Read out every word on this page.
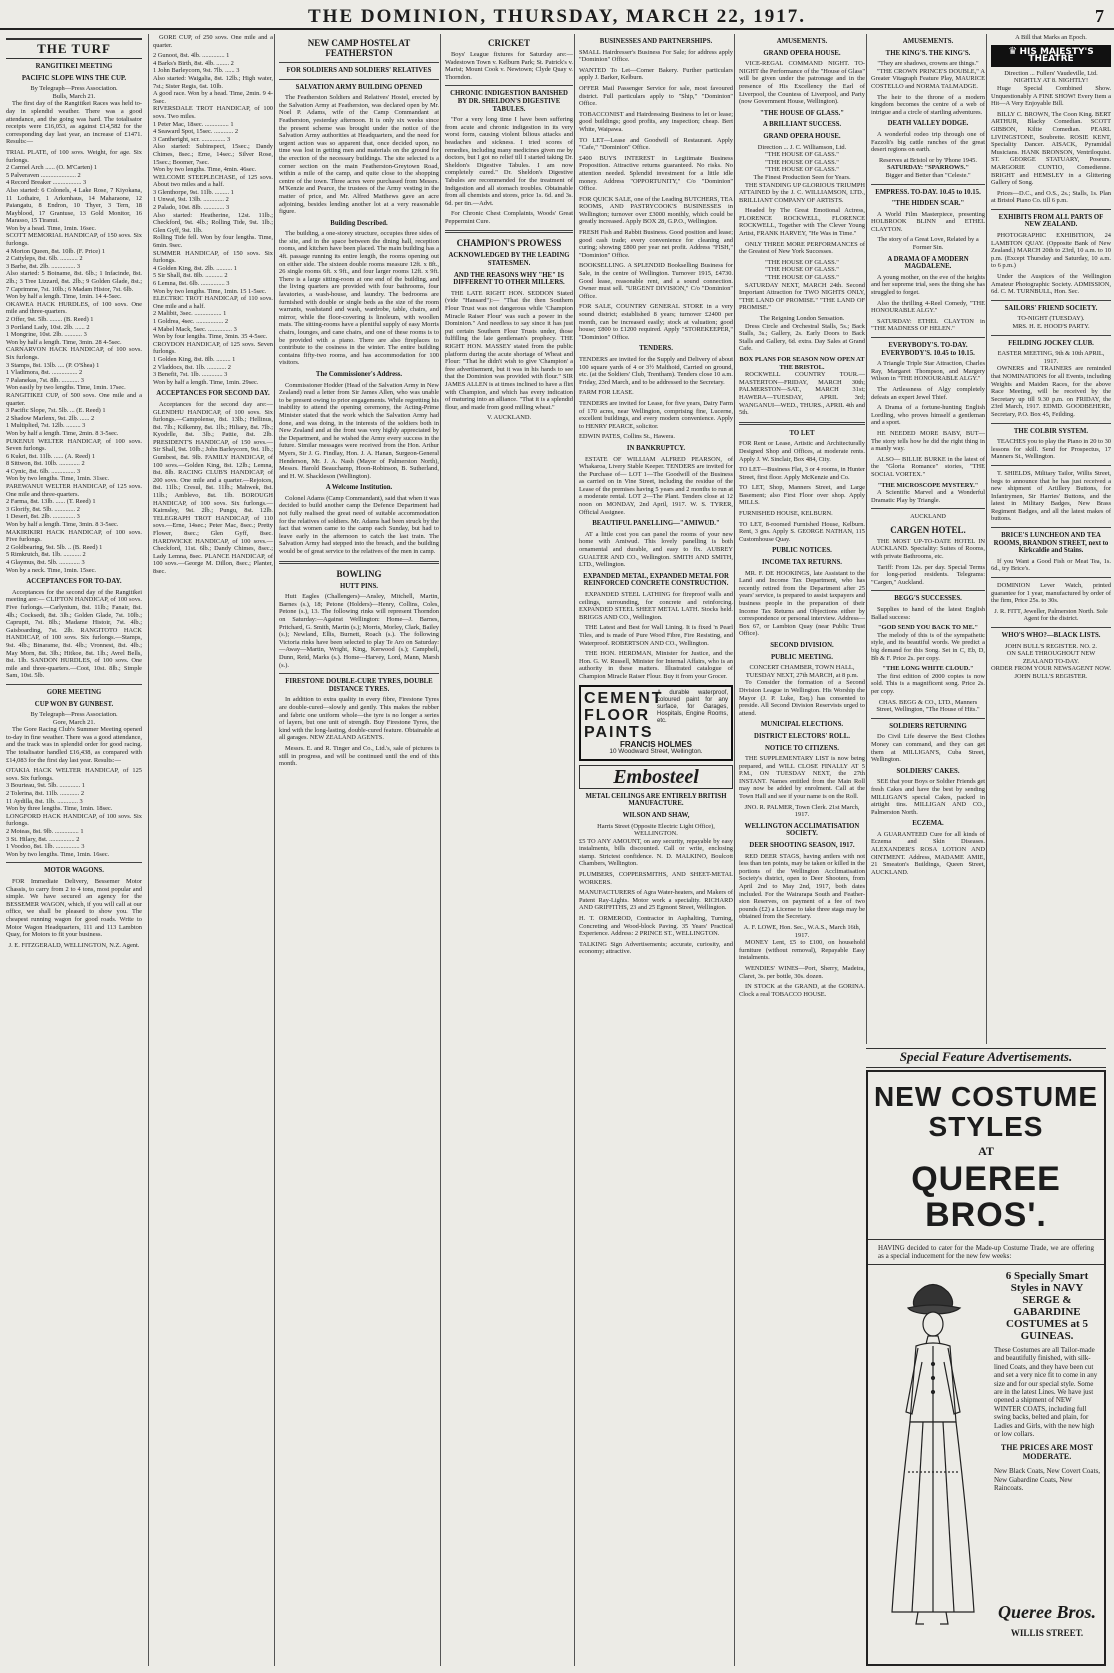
THE DOMINION, THURSDAY, MARCH 22, 1917.	7
THE TURF
RANGITIKEI MEETING
PACIFIC SLOPE WINS THE CUP.
By Telegraph—Press Association.
Bulls, March 21.

The first day of the Rangitikei Races was held to-day in splendid weather. There was a good attendance, and the going was hard. The totalisator receipts were £16,053, as against £14,582 for the corresponding day last year, an increase of £1471. Results:—

TRIAL PLATE, of 100 sovs. Weight, for age. Six furlongs.
2 Carmel Arch ...... (O. M'Carten) 1
5 Palveraven ...................... 2
4 Record Breaker .................. 3
Also started: 6 Colonels, 4 Lake Rose, 7 Kiyokana, 11 Lothaire, 1 Arkenhaus, 14 Maharaone, 12 Paiangatu, 8 Endron, 10 Thyer, 3 Tern, 18 Mayblood, 17 Grantuse, 13 Gold Monitor, 16 Marasso, 15 Tiranui.
Won by a head. Time, 1min. 16sec.
SCOTT MEMORIAL HANDICAP, of 150 sovs. Six furlongs.
4 Morton Queen, 8st. 10lb. (F. Price) 1
2 Cattyleps, 8st. 6lb. ........... 2
3 Barhe, 8st. 2lb. ............... 3
Also started: 5 Boiname, 8st. 6lb.; 1 Infacinde, 8st. 2lb.; 3 Tree Lizzard, 8st. 2lb.; 9 Golden Glade, 8st.; 7 Caprimme, 7st. 10lb.; 6 Madam Histor, 7st. 6lb.
Won by half a length. Time, 1min. 14 4-5sec.
OKAWEA HACK HURDLES, of 100 sovs. One mile and three-quarters.
2 Offer, 9st. 5lb. ........ (B. Reed) 1
3 Portland Lady, 10st. 2lb. ...... 2
1 Mongrine, 10st. 2lb. ........... 3
Won by half a length. Time, 3min. 28 4-5sec.
CARNARVON HACK HANDICAP, of 100 sovs. Six furlongs.
3 Stamps, 8st. 13lb. .... (P. O'Shea) 1
1 Vladimora, 8st. ................ 2
7 Palanekas, 7st. 8lb. ........... 3
Won easily by two lengths. Time, 1min. 17sec.
RANGITIKEI CUP, of 500 sovs. One mile and a quarter.
3 Pacific Slope, 7st. 5lb. ... (E. Reed) 1
2 Shadow Marlenx, 9st. 2lb. ...... 2
1 Multiplied, 7st. 12lb. ......... 3
Won by half a length. Time, 2min. 8 3-5sec.
PUKENUI WELTER HANDICAP, of 100 sovs. Seven furlongs.
6 Kukri, 8st. 11lb. ...... (A. Reed) 1
8 Sittwon, 8st. 10lb. ............. 2
4 Cynic, 8st. 6lb. ............... 3
Won by two lengths. Time, 1min. 31sec.
PAREWANUI WELTER HANDICAP, of 125 sovs. One mile and three-quarters.
2 Farma, 8st. 13lb. ...... (T. Reed) 1
3 Glorify, 8st. 5lb. ............. 2
1 Desert, 8st. 2lb. .............. 3
Won by half a length. Time, 3min. 8 3-5sec.
MAKIRIKIRI HACK HANDICAP, of 100 sovs. Five furlongs.
2 Goldbearing, 9st. 5lb. .. (B. Reed) 1
5 Rimkrutch, 8st. 1lb. ........... 2
4 Glaymus, 8st. 5lb. ............. 3
Won by a neck. Time, 1min. 15sec.
ACCEPTANCES FOR TO-DAY.

Acceptances for the second day of the Rangitikei meeting are:— CLIFTON HANDICAP, of 100 sovs. Five furlongs.—Carlynium, 8st. 11lb.; Fanair, 8st. 4lb.; Cocksedi, 8st. 3lb.; Golden Glade, 7st. 10lb.; Capruptt, 7st. 8lb.; Madame Histoir, 7st. 4lb.; Gaisboarding, 7st. 2lb. RANGITOTO HACK HANDICAP, of 100 sovs. Six furlongs.—Stamps, 9st. 4lb.; Binarame, 8st. 4lb.; Vronnest, 8st. 4lb.; May Morn, 8st. 3lb.; Hitkoe, 8st. 1lb.; Avrel Bells, 8st. 1lb. SANDON HURDLES, of 100 sovs. One mile and three-quarters.—Coot, 10st. 8lb.; Simple Sam, 10st. 5lb.

GORE MEETING
CUP WON BY GUNBEST.
By Telegraph—Press Association.
Gore, March 21.

The Gore Racing Club's Summer Meeting opened to-day in fine weather. There was a good attendance, and the track was in splendid order for good racing. The totalisator handled £16,438, as compared with £14,083 for the first day last year. Results:—

OTAKIA HACK WELTER HANDICAP, of 125 sovs. Six furlongs.
3 Bourteau, 9st. 5lb. ............. 1
2 Tolerina, 8st. 11lb. ............ 2
11 Aydilla, 8st. 1lb. ............. 3
Won by three lengths. Time, 1min. 18sec.
LONGFORD HACK HANDICAP, of 100 sovs. Six furlongs.
2 Moteas, 8st. 9lb. ............... 1
3 St. Hilary, 8st. ................ 2
1 Voodoo, 8st. 1lb. ............... 3
Won by two lengths. Time, 1min. 16sec.
MOTOR WAGONS.

FOR Immediate Delivery, Bessemer Motor Chassis, to carry from 2 to 4 tons, most popular and simple. We have secured an agency for the BESSEMER WAGON, which, if you will call at our office, we shall be pleased to show you. The cheapest running wagon for good roads. Write to Motor Wagon Headquarters, 111 and 113 Lambton Quay, for Motors to fit your business.

J. E. FITZGERALD, WELLINGTON, N.Z. Agent.

GORE CUP, of 250 sovs. One mile and a quarter.

2 Gunoot, 8st. 4lb. .............. 1
4 Barks's Birth, 8st. 4lb. ........ 2
1 John Barleycorn, 9st. 7lb. ...... 3
Also started: Waigalia, 8st. 12lb.; High water, 7st.; Sister Regis, 6st. 10lb.
A good race. Won by a head. Time, 2min. 9 4-5sec.
RIVERSDALE TROT HANDICAP, of 100 sovs. Two miles.
1 Peter Mac, 18sec. ............... 1
4 Seaward Spot, 15sec. ............ 2
3 Cantheright, scr. ............... 3
Also started: Subinspect, 15sec.; Dandy Chimes, 8sec.; Erne, 14sec.; Silver Rose, 15sec.; Boomer, 7sec.
Won by two lengths. Time, 4min. 46sec.
WELCOME STEEPLECHASE, of 125 sovs. About two miles and a half.
3 Glenthorpe, 9st. 11lb. ......... 1
1 Unwai, 9st. 13lb. ............. 2
2 Palado, 10st. 8lb. ............. 3
Also started: Heatherine, 12st. 11lb.; Checkford, 9st. 4lb.; Rolling Tide, 9st. 1lb.; Glen Gyff, 9st. 1lb.
Rolling Tide fell. Won by four lengths. Time, 6min. 9sec.
SUMMER HANDICAP, of 150 sovs. Six furlongs.
4 Golden King, 8st. 2lb. .......... 1
5 Sir Shall, 8st. 8lb. ........... 2
6 Lemna, 8st. 6lb. ............... 3
Won by two lengths. Time, 1min. 15 1-5sec.
ELECTRIC TROT HANDICAP, of 110 sovs. One mile and a half.
2 Malibit, 3sec. ................. 1
1 Goldrea, 4sec. ................. 2
4 Mabel Mack, 5sec. ............... 3
Won by four lengths. Time, 3min. 35 4-5sec.
CROYDON HANDICAP, of 125 sovs. Seven furlongs.
1 Golden King, 8st. 8lb. ......... 1
2 Vladdocs, 8st. 1lb. ............ 2
3 Benefit, 7st. 1lb. ............. 3
Won by half a length. Time, 1min. 29sec.
ACCEPTANCES FOR SECOND DAY.

Acceptances for the second day are:— GLENDHU HANDICAP, of 100 sovs. Six furlongs.—Campolense, 8st. 13lb.; Hellinus, 8st. 7lb.; Kilkenny, 8st. 1lb.; Hiliary, 8st. 7lb.; Kyodrlle, 8st. 3lb.; Pattie, 8st. 2lb. PRESIDENT'S HANDICAP, of 150 sovs.—Sir Shall, 9st. 10lb.; John Barleycorn, 9st. 1lb.; Gumbest, 8st. 9lb. FAMILY HANDICAP, of 100 sovs.—Golden King, 8st. 12lb.; Lemna, 8st. 8lb. RACING CLUB'S HANDICAP, of 200 sovs. One mile and a quarter.—Rejoices, 8st. 11lb.; Cresul, 8st. 11lb.; Mahwek, 8st. 11lb.; Amblevo, 8st. 1lb. BOROUGH HANDICAP, of 100 sovs. Six furlongs.—Kairnsley, 9st. 2lb.; Pungu, 8st. 12lb. TELEGRAPH TROT HANDICAP, of 110 sovs.—Erne, 14sec.; Peter Mac, 8sec.; Pretty Flower, 8sec.; Glen Gyff, 8sec. HARDWICKE HANDICAP, of 100 sovs.—Checkford, 11st. 6lb.; Dandy Chimes, 8sec.; Lady Lemna, 8sec. PLANCE HANDICAP, of 100 sovs.—George M. Dillon, 8sec.; Planter, 8sec.

NEW CAMP HOSTEL AT FEATHERSTON
FOR SOLDIERS AND SOLDIERS' RELATIVES
SALVATION ARMY BUILDING OPENED

The Featherston Soldiers and Relatives' Hostel, erected by the Salvation Army at Featherston, was declared open by Mr. Noel P. Adams, wife of the Camp Commandant at Featherston, yesterday afternoon. It is only six weeks since the present scheme was brought under the notice of the Salvation Army authorities at Headquarters, and the need for urgent action was so apparent that, once decided upon, no time was lost in getting men and materials on the ground for the erection of the necessary buildings. The site selected is a corner section on the main Featherston-Greytown Road, within a mile of the camp, and quite close to the shopping centre of the town. Three acres were purchased from Messrs. M'Kenzie and Pearce, the trustees of the Army vesting in the matter of price, and Mr. Alfred Matthews gave an acre adjoining, besides lending another lot at a very reasonable figure.

Building Described.

The building, a one-storey structure, occupies three sides of the site, and in the space between the dining hall, reception rooms, and kitchen have been placed. The main building has a 4ft. passage running its entire length, the rooms opening out on either side. The sixteen double rooms measure 12ft. x 8ft., 26 single rooms 6ft. x 9ft., and four larger rooms 12ft. x 9ft. There is a large sitting-room at one end of the building, and the living quarters are provided with four bathrooms, four lavatories, a wash-house, and laundry. The bedrooms are furnished with double or single beds as the size of the room warrants, washstand and wash, wardrobe, table, chairs, and mirror, while the floor-covering is linoleum, with woollen mats. The sitting-rooms have a plentiful supply of easy Morris chairs, lounges, and cane chairs, and one of these rooms is to be provided with a piano. There are also fireplaces to contribute to the cosiness in the winter. The entire building contains fifty-two rooms, and has accommodation for 100 visitors.

The Commissioner's Address.

Commissioner Hodder (Head of the Salvation Army in New Zealand) read a letter from Sir James Allen, who was unable to be present owing to prior engagements. While regretting his inability to attend the opening ceremony, the Acting-Prime Minister stated that the work which the Salvation Army had done, and was doing, in the interests of the soldiers both in New Zealand and at the front was very highly appreciated by the Department, and he wished the Army every success in the future. Similar messages were received from the Hon. Arthur Myers, Sir J. G. Findlay, Hon. J. A. Hanan, Surgeon-General Henderson, Mr. J. A. Nash (Mayor of Palmerston North), Messrs. Harold Beauchamp, Hoon-Robinson, B. Sutherland, and H. W. Shackleson (Wellington).

A Welcome Institution.

Colonel Adams (Camp Commandant), said that when it was decided to build another camp the Defence Department had not fully realised the great need of suitable accommodation for the relatives of soldiers. Mr. Adams had been struck by the fact that women came to the camp each Sunday, but had to leave early in the afternoon to catch the last train. The Salvation Army had stepped into the breach, and the building would be of great service to the relatives of the men in camp.

BOWLING
HUTT PINS.

Hutt Eagles (Challengers)—Ansley, Mitchell, Martin, Barnes (s.), 18; Petone (Holders)—Henry, Collins, Coles, Petone (s.), 13. The following rinks will represent Thorndon on Saturday:—Against Wellington: Home—J. Barnes, Pritchard, G. Smith, Martin (s.); Morris, Morley, Clark, Bailey (s.); Newland, Ellis, Burnett, Roach (s.). The following Victoria rinks have been selected to play Te Aro on Saturday:—Away—Martin, Wright, King, Kerwood (s.); Campbell, Dunn, Reid, Marks (s.). Home—Harvey, Lord, Mann, Marsh (s.).

FIRESTONE DOUBLE-CURE TYRES, DOUBLE DISTANCE TYRES.

In addition to extra quality in every fibre, Firestone Tyres are double-cured—slowly and gently. This makes the rubber and fabric one uniform whole—the tyre is no longer a series of layers, but one unit of strength. Buy Firestone Tyres, the kind with the long-lasting, double-cured feature. Obtainable at all garages. NEW ZEALAND AGENTS.

Messrs. E. and R. Tinger and Co., Ltd.'s, sale of pictures is still in progress, and will be continued until the end of this month.

CRICKET

Boys' League fixtures for Saturday are:—Wadestown Town v. Kelburn Park; St. Patrick's v. Marist; Mount Cook v. Newtown; Clyde Quay v. Thorndon.

CHRONIC INDIGESTION BANISHED BY DR. SHELDON'S DIGESTIVE TABULES.

"For a very long time I have been suffering from acute and chronic indigestion in its very worst form, causing violent bilious attacks and headaches and sickness. I tried scores of remedies, including many medicines given me by doctors, but I got no relief till I started taking Dr. Sheldon's Digestive Tabules. I am now completely cured." Dr. Sheldon's Digestive Tabules are recommended for the treatment of Indigestion and all stomach troubles. Obtainable from all chemists and stores, price 1s. 6d. and 3s. 6d. per tin.—Advt.

For Chronic Chest Complaints, Woods' Great Peppermint Cure.

CHAMPION'S PROWESS
ACKNOWLEDGED BY THE LEADING STATESMEN.
AND THE REASONS WHY "HE" IS DIFFERENT TO OTHER MILLERS.

THE LATE RIGHT HON. SEDDON Stated (vide "Hansard"):— "That the then Southern Flour Trust was not dangerous while 'Champion Miracle Raiser Flour' was such a power in the Dominion." And needless to say since it has just put certain Southern Flour Trusts under, those fulfilling the late gentleman's prophecy. THE RIGHT HON. MASSEY stated from the public platform during the acute shortage of Wheat and Flour: "That he didn't wish to give 'Champion' a free advertisement, but it was in his hands to see that the Dominion was provided with flour." SIR JAMES ALLEN is at times inclined to have a flirt with Champion, and which has every indication of maturing into an alliance. "That it is a splendid flour, and made from good milling wheat."

V. AUCKLAND.
BUSINESSES AND PARTNERSHIPS.
SMALL Hairdresser's Business For Sale; for address apply "Dominion" Office.
WANTED To Let—Corner Bakery. Further particulars apply J. Barker, Kelburn.
OFFER Mail Passenger Service for sale, most favoured district. Full particulars apply to "Ship," "Dominion" Office.
TOBACCONIST and Hairdressing Business to let or lease; good buildings; good profits, any inspection; cheap. Bert White, Waipawa.
TO LET—Lease and Goodwill of Restaurant. Apply "Cafe," "Dominion" Office.
£400 BUYS INTEREST in Legitimate Business Proposition. Attractive returns guaranteed. No risks. No attention needed. Splendid investment for a little idle money. Address "OPPORTUNITY," C/o "Dominion" Office.
FOR QUICK SALE, one of the Leading BUTCHERS, TEA ROOMS, AND PASTRYCOOK'S BUSINESSES in Wellington; turnover over £3000 monthly, which could be greatly increased. Apply BOX 28, G.P.O., Wellington.
FRESH Fish and Rabbit Business. Good position and lease; good cash trade; every convenience for cleaning and curing; showing £800 per year net profit. Address "FISH," "Dominion" Office.
BOOKSELLING. A SPLENDID Bookselling Business for Sale, in the centre of Wellington. Turnover 1915, £4730. Good lease, reasonable rent, and a sound connection. Owner must sell. "URGENT DIVISION," C/o "Dominion" Office.
FOR SALE, COUNTRY GENERAL STORE in a very sound district; established 8 years; turnover £2400 per month, can be increased easily; stock at valuation; good house; £800 to £1200 required. Apply "STOREKEEPER," "Dominion" Office.
TENDERS.
TENDERS are invited for the Supply and Delivery of about 100 square yards of 4 or 3½ Malthoid, Carried on ground, etc. (at the Soldiers' Club, Trentham). Tenders close 10 a.m. Friday, 23rd March, and to be addressed to the Secretary.
FARM FOR LEASE.
TENDERS are invited for Lease, for five years, Dairy Farm of 170 acres, near Wellington, comprising fine, Lucerne, excellent buildings, and every modern convenience. Apply to HENRY PEARCE, solicitor.
EDWIN PATES, Collins St., Hawera.
IN BANKRUPTCY.

ESTATE OF WILLIAM ALFRED PEARSON, of Whakaroa, Livery Stable Keeper. TENDERS are invited for the Purchase of— LOT 1—The Goodwill of the Business as carried on in Vine Street, including the residue of the Lease of the premises having 5 years and 2 months to run at a moderate rental. LOT 2—The Plant. Tenders close at 12 noon on MONDAY, 2nd April, 1917. W. S. TYRER, Official Assignee.

BEAUTIFUL PANELLING—"AMIWUD."

AT a little cost you can panel the rooms of your new home with Amiwud. This lovely panelling is both ornamental and durable, and easy to fix. AUBREY GUALTER AND CO., Wellington. SMITH AND SMITH, LTD., Wellington.

EXPANDED METAL, EXPANDED METAL FOR REINFORCED CONCRETE CONSTRUCTION.

EXPANDED STEEL LATHING for fireproof walls and ceilings, surrounding, for concrete and reinforcing. EXPANDED STEEL SHEET METAL LATH. Stocks held. BRIGGS AND CO., Wellington.

THE Latest and Best for Wall Lining. It is fixed 'n Pearl Tiles, and is made of Pure Wood Fibre, Fire Resisting, and Waterproof. ROBERTSON AND CO., Wellington.

THE HON. HERDMAN, Minister for Justice, and the Hon. G. W. Russell, Minister for Internal Affairs, who is an authority in these matters. Illustrated catalogue of Champion Miracle Raiser Flour. Buy it from your Grocer.

CEMENT
FLOOR
PAINTS
A durable waterproof, coloured paint for any surface, for Garages, Hospitals, Engine Rooms, etc.
FRANCIS HOLMES
10 Woodward Street, Wellington.
Embosteel
METAL CEILINGS ARE ENTIRELY BRITISH MANUFACTURE.
WILSON AND SHAW,
Harris Street (Opposite Electric Light Office), WELLINGTON.
£5 TO ANY AMOUNT, on any security, repayable by easy instalments, bills discounted. Call or write, enclosing stamp. Strictest confidence. N. D. MALKINO, Boulcott Chambers, Wellington.
PLUMBERS, COPPERSMITHS, AND SHEET-METAL WORKERS.
MANUFACTURERS of Agra Water-heaters, and Makers of Patent Ray-Lights. Motor work a speciality. RICHARD AND GRIFFITHS, 23 and 25 Egmont Street, Wellington.
H. T. ORMEROD, Contractor in Asphalting, Turning, Concreting and Wood-block Paving. 35 Years' Practical Experience. Address: 2 PRINCE ST., WELLINGTON.
TALKING Sign Advertisements; accurate, curiosity, and economy; attractive.
AMUSEMENTS.
GRAND OPERA HOUSE.

VICE-REGAL COMMAND NIGHT. TO-NIGHT the Performance of the "House of Glass" will be given under the patronage and in the presence of His Excellency the Earl of Liverpool, the Countess of Liverpool, and Party (now Government House, Wellington).

"THE HOUSE OF GLASS."
A BRILLIANT SUCCESS.
GRAND OPERA HOUSE.
Direction ... J. C. Williamson, Ltd.
"THE HOUSE OF GLASS."
"THE HOUSE OF GLASS."
"THE HOUSE OF GLASS."
The Finest Production Seen for Years.

THE STANDING UP GLORIOUS TRIUMPH ATTAINED by the J. C. WILLIAMSON, LTD., BRILLIANT COMPANY OF ARTISTS.

Headed by The Great Emotional Actress, FLORENCE ROCKWELL, FLORENCE ROCKWELL, Together with The Clever Young Artist, FRANK HARVEY, "He Was in Time."

ONLY THREE MORE PERFORMANCES of the Greatest of New York Successes.

"THE HOUSE OF GLASS."
"THE HOUSE OF GLASS."
"THE HOUSE OF GLASS."

SATURDAY NEXT, MARCH 24th. Second Important Attraction for TWO NIGHTS ONLY, "THE LAND OF PROMISE." "THE LAND OF PROMISE."

The Reigning London Sensation.

Dress Circle and Orchestral Stalls, 5s.; Back Stalls, 3s.; Gallery, 2s. Early Doors to Back Stalls and Gallery, 6d. extra. Day Sales at Grand Cafe.

BOX PLANS FOR SEASON NOW OPEN AT THE BRISTOL.

ROCKWELL COUNTRY TOUR.—MASTERTON—FRIDAY, MARCH 30th; PALMERSTON—SAT., MARCH 31st; HAWERA—TUESDAY, APRIL 3rd; WANGANUI—WED., THURS., APRIL 4th and 5th.

TO LET
FOR Rent or Lease, Artistic and Architecturally Designed Shop and Offices, at moderate rents. Apply J. W. Sinclair, Box 484, City.
TO LET—Business Flat, 3 or 4 rooms, in Hunter Street, first floor. Apply McKenzie and Co.
TO LET, Shop, Manners Street, and Large Basement; also First Floor over shop. Apply MILLS.
FURNISHED HOUSE, KELBURN.
TO LET, 8-roomed Furnished House, Kelburn. Rent, 3 gns. Apply S. GEORGE NATHAN, 115 Customhouse Quay.
PUBLIC NOTICES.
INCOME TAX RETURNS.

MR. F. DE HOOKINGS, late Assistant to the Land and Income Tax Department, who has recently retired from the Department after 25 years' service, is prepared to assist taxpayers and business people in the preparation of their Income Tax Returns and Objections either by correspondence or personal interview. Address—Box 67, or Lambton Quay (near Public Trust Office).

SECOND DIVISION.
PUBLIC MEETING.
CONCERT CHAMBER, TOWN HALL, TUESDAY NEXT, 27th MARCH, at 8 p.m.

To Consider the formation of a Second Division League in Wellington. His Worship the Mayor (J. P. Luke, Esq.) has consented to preside. All Second Division Reservists urged to attend.

MUNICIPAL ELECTIONS.
DISTRICT ELECTORS' ROLL.
NOTICE TO CITIZENS.

THE SUPPLEMENTARY LIST is now being prepared, and WILL CLOSE FINALLY AT 5 P.M., ON TUESDAY NEXT, the 27th INSTANT. Names entitled from the Main Roll may now be added by enrolment. Call at the Town Hall and see if your name is on the Roll.

JNO. R. PALMER, Town Clerk. 21st March, 1917.
WELLINGTON ACCLIMATISATION SOCIETY.
DEER SHOOTING SEASON, 1917.

RED DEER STAGS, having antlers with not less than ten points, may be taken or killed in the portions of the Wellington Acclimatisation Society's district, open to Deer Shooters, from April 2nd to May 2nd, 1917, both dates included. For the Wairarapa South and Feather-ston Reserves, on payment of a fee of two pounds (£2) a License to take three stags may be obtained from the Secretary.

A. F. LOWE, Hon. Sec., W.A.S., March 16th, 1917.

MONEY Lent, £5 to £100, on household furniture (without removal), Repayable Easy instalments.

WENDIES' WINES—Port, Sherry, Madeira, Claret, 3s. per bottle, 30s. dozen.

IN STOCK at the GRAND, at the GORINA. Clock a real TOBACCO HOUSE.

AMUSEMENTS.
THE KING'S. THE KING'S.
"They are shadows, crowns are things."

"THE CROWN PRINCE'S DOUBLE," A Greater Vitagraph Feature Play, MAURICE COSTELLO and NORMA TALMADGE.

The heir to the throne of a modern kingdom becomes the centre of a web of intrigue and a circle of startling adventures.

DEATH VALLEY DODGE.

A wonderful rodeo trip through one of Fazzoli's big cattle ranches of the great desert regions on earth.

Reserves at Bristol or by 'Phone 1945.
SATURDAY: "SPARROWS."
Bigger and Better than "Celeste."
EMPRESS. TO-DAY. 10.45 to 10.15.
"THE HIDDEN SCAR."

A World Film Masterpiece, presenting HOLBROOK BLINN and ETHEL CLAYTON.

The story of a Great Love, Related by a Former Sin.
A DRAMA OF A MODERN MAGDALENE.

A young mother, on the eve of the heights and her supreme trial, sees the thing she has struggled to forget.

Also the thrilling 4-Reel Comedy, "THE HONOURABLE ALGY."

SATURDAY: ETHEL CLAYTON in "THE MADNESS OF HELEN."

EVERYBODY'S. TO-DAY. EVERYBODY'S. 10.45 to 10.15.

A Triangle Triple Star Attraction, Charles Ray, Margaret Thompson, and Margery Wilson in "THE HONOURABLE ALGY."

The Artlessness of Algy completely defeats an expert Jewel Thief.

A Drama of a fortune-hunting English Lordling, who proves himself a gentleman and a sport.

HE NEEDED MORE BABY, BUT— The story tells how he did the right thing in a manly way.

ALSO— BILLIE BURKE in the latest of the "Gloria Romance" stories, "THE SOCIAL VORTEX."

"THE MICROSCOPE MYSTERY."

A Scientific Marvel and a Wonderful Dramatic Play by Triangle.

AUCKLAND
CARGEN HOTEL.

THE MOST UP-TO-DATE HOTEL IN AUCKLAND. Speciality: Suites of Rooms, with private Bathrooms, etc.

Tariff: From 12s. per day. Special Terms for long-period residents. Telegrams: "Cargen," Auckland.

BEGG'S SUCCESSES.

Supplies to hand of the latest English Ballad success:

"GOD SEND YOU BACK TO ME."

The melody of this is of the sympathetic style, and its beautiful words. We predict a big demand for this Song. Set in C, Eb, D, Bb & F. Price 2s. per copy.

"THE LONG WHITE CLOUD."

The first edition of 2000 copies is now sold. This is a magnificent song. Price 2s. per copy.

CHAS. BEGG & CO., LTD., Manners Street, Wellington, "The House of Hits."
SOLDIERS RETURNING

Do Civil Life deserve the Best Clothes Money can command, and they can get them at MILLIGAN'S, Cuba Street, Wellington.

SOLDIERS' CAKES.

SEE that your Boys or Soldier Friends get fresh Cakes and have the best by sending MILLIGAN'S special Cakes, packed in airtight tins. MILLIGAN AND CO., Palmerston North.

ECZEMA.

A GUARANTEED Cure for all kinds of Eczema and Skin Diseases. ALEXANDER'S ROSA LOTION AND OINTMENT. Address, MADAME AMIE, 21 Smeaton's Buildings, Queen Street, AUCKLAND.

A Bill that Marks an Epoch.
♛ HIS MAJESTY'S THEATRE
Direction ... Fullers' Vaudeville, Ltd. NIGHTLY AT 8. NIGHTLY!

Huge Special Combined Show. Unquestionably A FINE SHOW! Every Item a Hit—A Very Enjoyable Bill.

BILLY C. BROWN, The Coon King. BERT ARTHUR, Blacky Comedian. SCOTT GIBBON, Kiltie Comedian. PEARL LIVINGSTONE, Soubrette. ROSIE KENT, Speciality Dancer. AISACK, Pyramidal Musicians. HANK BRONSON, Ventriloquist. ST. GEORGE STATUARY, Poseurs. MARGORIE CUNTIO, Comedienne. BRIGHT and HEMSLEY in a Glittering Gallery of Song.

Prices—D.C., and O.S., 2s.; Stalls, 1s. Plan at Bristol Piano Co. till 6 p.m.

EXHIBITS FROM ALL PARTS OF NEW ZEALAND.

PHOTOGRAPHIC EXHIBITION, 24 LAMBTON QUAY. (Opposite Bank of New Zealand.) MARCH 20th to 23rd, 10 a.m. to 10 p.m. (Except Thursday and Saturday, 10 a.m. to 6 p.m.)

Under the Auspices of the Wellington Amateur Photographic Society. ADMISSION, 6d. C. M. TURNBULL, Hon. Sec.

SAILORS' FRIEND SOCIETY.
TO-NIGHT (TUESDAY).
MRS. H. E. HOOD'S PARTY.
FEILDING JOCKEY CLUB.
EASTER MEETING, 9th & 10th APRIL, 1917.

OWNERS and TRAINERS are reminded that NOMINATIONS for all Events, including Weights and Maiden Races, for the above Race Meeting, will be received by the Secretary up till 9.30 p.m. on FRIDAY, the 23rd March, 1917. EDMD. GOODBEHERE, Secretary, P.O. Box 45, Feilding.

THE COLBIR SYSTEM.

TEACHES you to play the Piano in 20 to 30 lessons for skill. Send for Prospectus, 17 Manners St., Wellington.

T. SHIELDS, Military Tailor, Willis Street, begs to announce that he has just received a new shipment of Artillery Buttons, for Infantrymen, Sir Harries' Buttons, and the latest in Military Badges, New Brass Regiment Badges, and all the latest makes of buttons.

BRICE'S LUNCHEON AND TEA ROOMS, BRANDON STREET, next to Kirkcaldie and Stains.

If you Want a Good Fish or Meat Tea, 1s. 6d., try Brice's.

DOMINION Lever Watch, printed guarantee for 1 year, manufactured by order of the firm, Price 25s. to 30s.

J. R. FITT, Jeweller, Palmerston North. Sole Agent for the district.
WHO'S WHO?—BLACK LISTS.
JOHN BULL'S REGISTER. NO. 2.
ON SALE THROUGHOUT NEW ZEALAND TO-DAY.
ORDER FROM YOUR NEWSAGENT NOW. JOHN BULL'S REGISTER.
Special Feature Advertisements.
NEW COSTUME STYLES
AT
QUEREE BROS'.
HAVING decided to cater for the Made-up Costume Trade, we are offering as a special inducement for the new few weeks:
6 Specially Smart Styles in NAVY SERGE & GABARDINE COSTUMES at 5 GUINEAS.
These Costumes are all Tailor-made and beautifully finished, with silk-lined Coats, and they have been cut and set a very nice fit to come in any size and for our special style. Some are in the latest Lines. We have just opened a shipment of NEW WINTER COATS, including full swing backs, belted and plain, for Ladies and Girls, with the new high or low collars.
THE PRICES ARE MOST MODERATE.
New Black Coats, New Covert Coats, New Gabardine Coats, New Raincoats.
Queree Bros.
WILLIS STREET.
